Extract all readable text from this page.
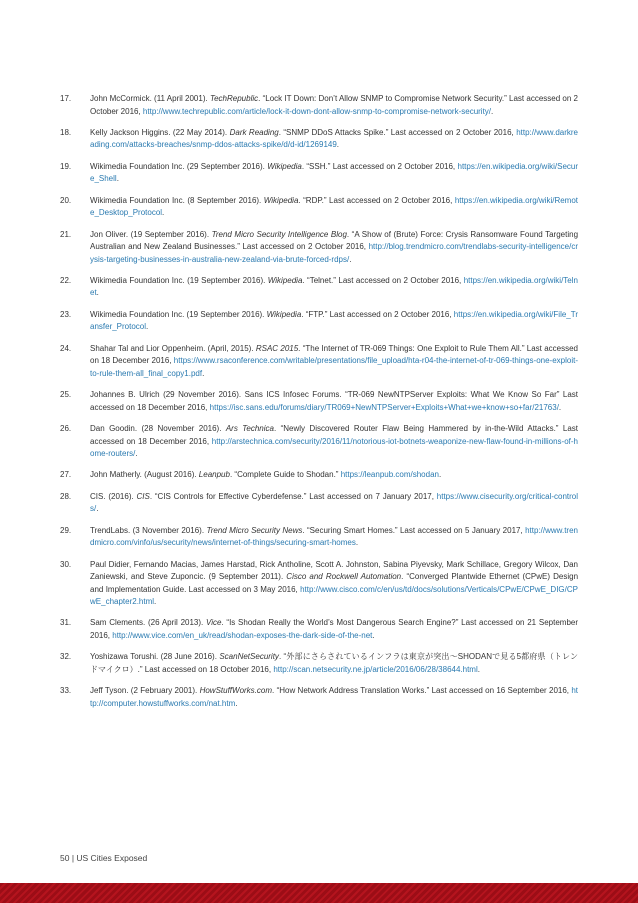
17. John McCormick. (11 April 2001). TechRepublic. “Lock IT Down: Don’t Allow SNMP to Compromise Network Security.” Last accessed on 2 October 2016, http://www.techrepublic.com/article/lock-it-down-dont-allow-snmp-to-compromise-network-security/.
18. Kelly Jackson Higgins. (22 May 2014). Dark Reading. “SNMP DDoS Attacks Spike.” Last accessed on 2 October 2016, http://www.darkreading.com/attacks-breaches/snmp-ddos-attacks-spike/d/d-id/1269149.
19. Wikimedia Foundation Inc. (29 September 2016). Wikipedia. “SSH.” Last accessed on 2 October 2016, https://en.wikipedia.org/wiki/Secure_Shell.
20. Wikimedia Foundation Inc. (8 September 2016). Wikipedia. “RDP.” Last accessed on 2 October 2016, https://en.wikipedia.org/wiki/Remote_Desktop_Protocol.
21. Jon Oliver. (19 September 2016). Trend Micro Security Intelligence Blog. “A Show of (Brute) Force: Crysis Ransomware Found Targeting Australian and New Zealand Businesses.” Last accessed on 2 October 2016, http://blog.trendmicro.com/trendlabs-security-intelligence/crysis-targeting-businesses-in-australia-new-zealand-via-brute-forced-rdps/.
22. Wikimedia Foundation Inc. (19 September 2016). Wikipedia. “Telnet.” Last accessed on 2 October 2016, https://en.wikipedia.org/wiki/Telnet.
23. Wikimedia Foundation Inc. (19 September 2016). Wikipedia. “FTP.” Last accessed on 2 October 2016, https://en.wikipedia.org/wiki/File_Transfer_Protocol.
24. Shahar Tal and Lior Oppenheim. (April, 2015). RSAC 2015. “The Internet of TR-069 Things: One Exploit to Rule Them All.” Last accessed on 18 December 2016, https://www.rsaconference.com/writable/presentations/file_upload/hta-r04-the-internet-of-tr-069-things-one-exploit-to-rule-them-all_final_copy1.pdf.
25. Johannes B. Ulrich (29 November 2016). Sans ICS Infosec Forums. “TR-069 NewNTPServer Exploits: What We Know So Far” Last accessed on 18 December 2016, https://isc.sans.edu/forums/diary/TR069+NewNTPServer+Exploits+What+we+know+so+far/21763/.
26. Dan Goodin. (28 November 2016). Ars Technica. “Newly Discovered Router Flaw Being Hammered by in-the-Wild Attacks.” Last accessed on 18 December 2016, http://arstechnica.com/security/2016/11/notorious-iot-botnets-weaponize-new-flaw-found-in-millions-of-home-routers/.
27. John Matherly. (August 2016). Leanpub. “Complete Guide to Shodan.” https://leanpub.com/shodan.
28. CIS. (2016). CIS. “CIS Controls for Effective Cyberdefense.” Last accessed on 7 January 2017, https://www.cisecurity.org/critical-controls/.
29. TrendLabs. (3 November 2016). Trend Micro Security News. “Securing Smart Homes.” Last accessed on 5 January 2017, http://www.trendmicro.com/vinfo/us/security/news/internet-of-things/securing-smart-homes.
30. Paul Didier, Fernando Macias, James Harstad, Rick Antholine, Scott A. Johnston, Sabina Piyevsky, Mark Schillace, Gregory Wilcox, Dan Zaniewski, and Steve Zuponcic. (9 September 2011). Cisco and Rockwell Automation. “Converged Plantwide Ethernet (CPwE) Design and Implementation Guide. Last accessed on 3 May 2016, http://www.cisco.com/c/en/us/td/docs/solutions/Verticals/CPwE/CPwE_DIG/CPwE_chapter2.html.
31. Sam Clements. (26 April 2013). Vice. “Is Shodan Really the World’s Most Dangerous Search Engine?” Last accessed on 21 September 2016, http://www.vice.com/en_uk/read/shodan-exposes-the-dark-side-of-the-net.
32. Yoshizawa Torushi. (28 June 2016). ScanNetSecurity. “外部にさらされているインフラは東京が突出～SHODANで見る5都府県（トレンドマイクロ）.” Last accessed on 18 October 2016, http://scan.netsecurity.ne.jp/article/2016/06/28/38644.html.
33. Jeff Tyson. (2 February 2001). HowStuffWorks.com. “How Network Address Translation Works.” Last accessed on 16 September 2016, http://computer.howstuffworks.com/nat.htm.
50 | US Cities Exposed
